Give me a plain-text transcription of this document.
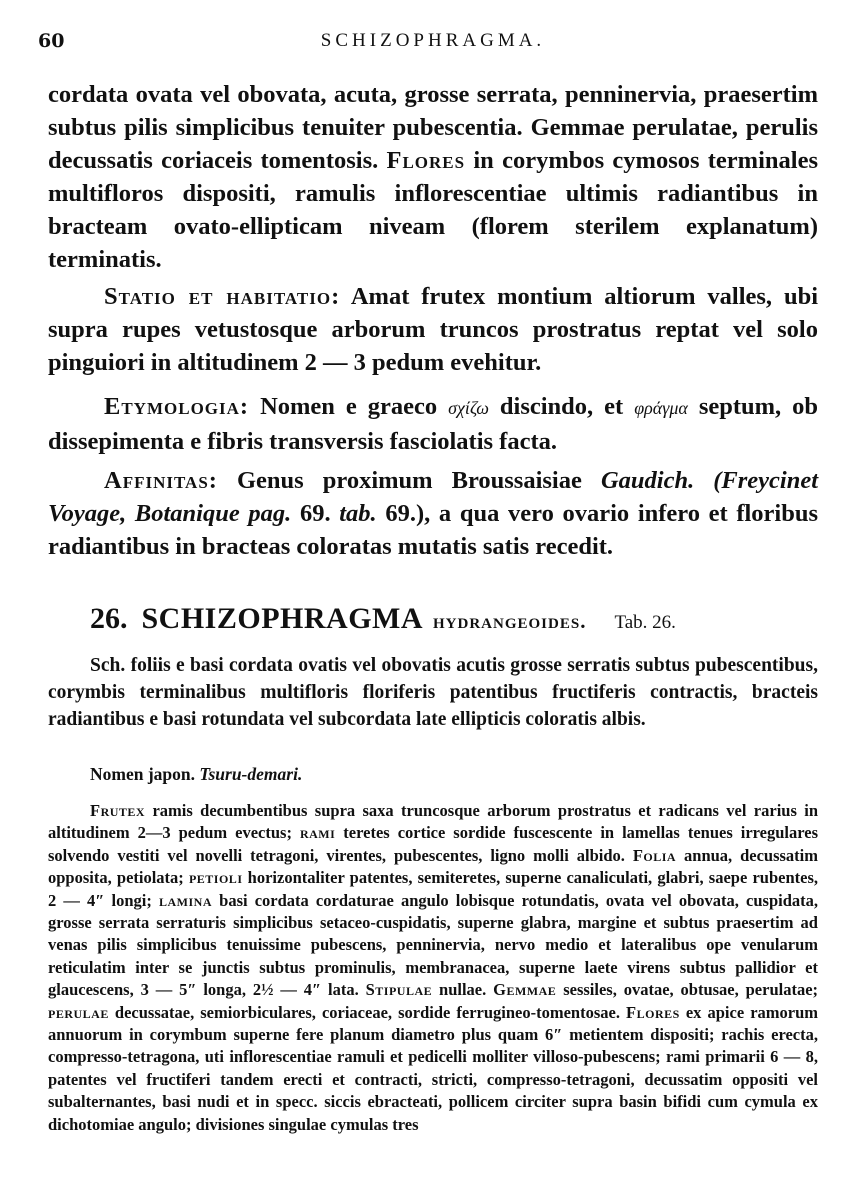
60	SCHIZOPHRAGMA.
cordata ovata vel obovata, acuta, grosse serrata, penninervia, praesertim subtus pilis simplicibus tenuiter pubescentia. Gemmae perulatae, perulis decussatis coriaceis tomentosis. Flores in corymbos cymosos terminales multifloros dispositi, ramulis inflorescentiae ultimis radiantibus in bracteam ovato-ellipticam niveam (florem sterilem explanatum) terminatis.
Statio et habitatio: Amat frutex montium altiorum valles, ubi supra rupes vetustosque arborum truncos prostratus reptat vel solo pinguiori in altitudinem 2 — 3 pedum evehitur.
Etymologia: Nomen e graeco σχίζω discindo, et φράγμα septum, ob dissepimenta e fibris transversis fasciolatis facta.
Affinitas: Genus proximum Broussaisiae Gaudich. (Freycinet Voyage, Botanique pag. 69. tab. 69.), a qua vero ovario infero et floribus radiantibus in bracteas coloratas mutatis satis recedit.
26. SCHIZOPHRAGMA hydrangeoides. Tab. 26.
Sch. foliis e basi cordata ovatis vel obovatis acutis grosse serratis subtus pubescentibus, corymbis terminalibus multifloris floriferis patentibus fructiferis contractis, bracteis radiantibus e basi rotundata vel subcordata late ellipticis coloratis albis.
Nomen japon. Tsuru-demari.
Frutex ramis decumbentibus supra saxa truncosque arborum prostratus et radicans vel rarius in altitudinem 2—3 pedum evectus; rami teretes cortice sordide fuscescente in lamellas tenues irregulares solvendo vestiti vel novelli tetragoni, virentes, pubescentes, ligno molli albido. Folia annua, decussatim opposita, petiolata; petioli horizontaliter patentes, semiteretes, superne canaliculati, glabri, saepe rubentes, 2 — 4″ longi; lamina basi cordata cordaturae angulo lobisque rotundatis, ovata vel obovata, cuspidata, grosse serrata serraturis simplicibus setaceo-cuspidatis, superne glabra, margine et subtus praesertim ad venas pilis simplicibus tenuissime pubescens, penninervia, nervo medio et lateralibus ope venularum reticulatim inter se junctis subtus prominulis, membranacea, superne laete virens subtus pallidior et glaucescens, 3 — 5″ longa, 2½ — 4″ lata. Stipulae nullae. Gemmae sessiles, ovatae, obtusae, perulatae; perulae decussatae, semiorbiculares, coriaceae, sordide ferrugineo-tomentosae. Flores ex apice ramorum annuorum in corymbum superne fere planum diametro plus quam 6″ metientem dispositi; rachis erecta, compresso-tetragona, uti inflorescentiae ramuli et pedicelli molliter villoso-pubescens; rami primarii 6 — 8, patentes vel fructiferi tandem erecti et contracti, stricti, compresso-tetragoni, decussatim oppositi vel subalternantes, basi nudi et in specc. siccis ebracteati, pollicem circiter supra basin bifidi cum cymula ex dichotomiae angulo; divisiones singulae cymulas tres
